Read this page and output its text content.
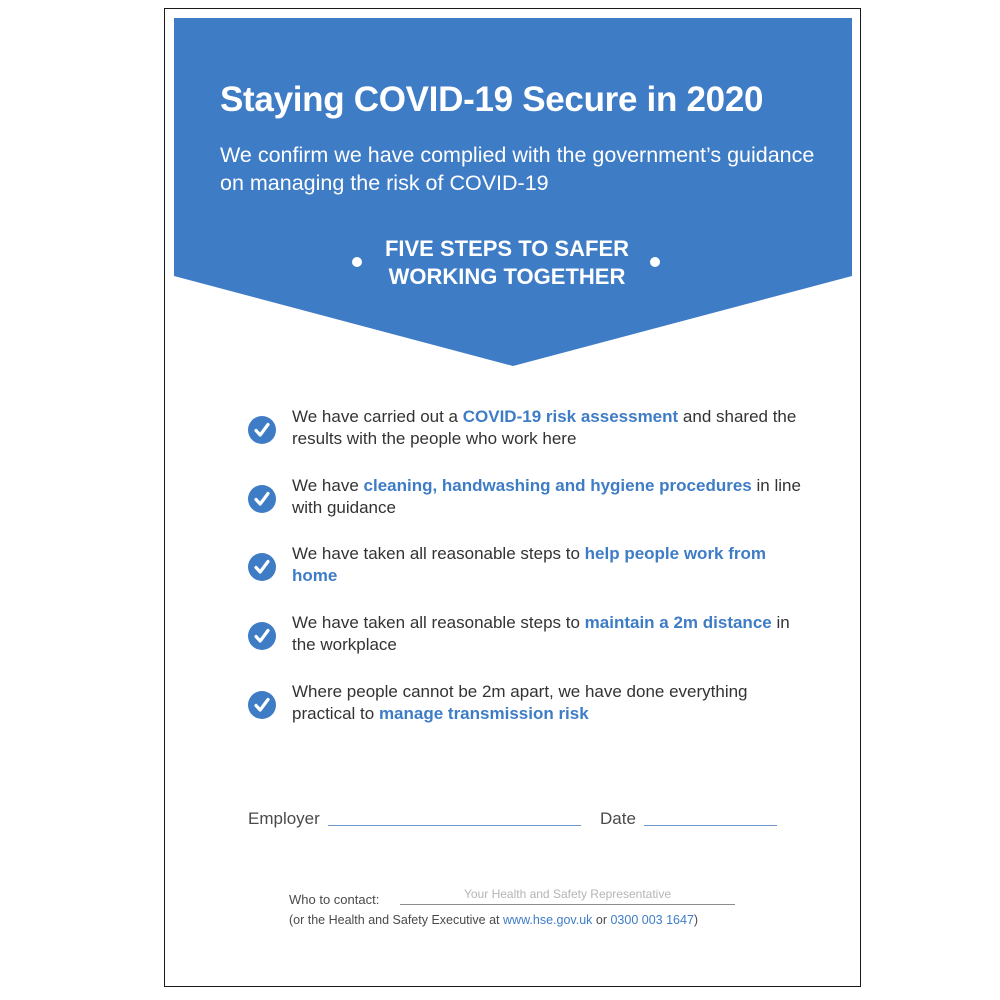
Staying COVID-19 Secure in 2020

We confirm we have complied with the government’s guidance on managing the risk of COVID-19

FIVE STEPS TO SAFER
WORKING TOGETHER
We have carried out a COVID-19 risk assessment and shared the results with the people who work here
We have cleaning, handwashing and hygiene procedures in line with guidance
We have taken all reasonable steps to help people work from home
We have taken all reasonable steps to maintain a 2m distance in the workplace
Where people cannot be 2m apart, we have done everything practical to manage transmission risk
Employer	Date
Who to contact:	Your Health and Safety Representative
(or the Health and Safety Executive at www.hse.gov.uk or 0300 003 1647)
